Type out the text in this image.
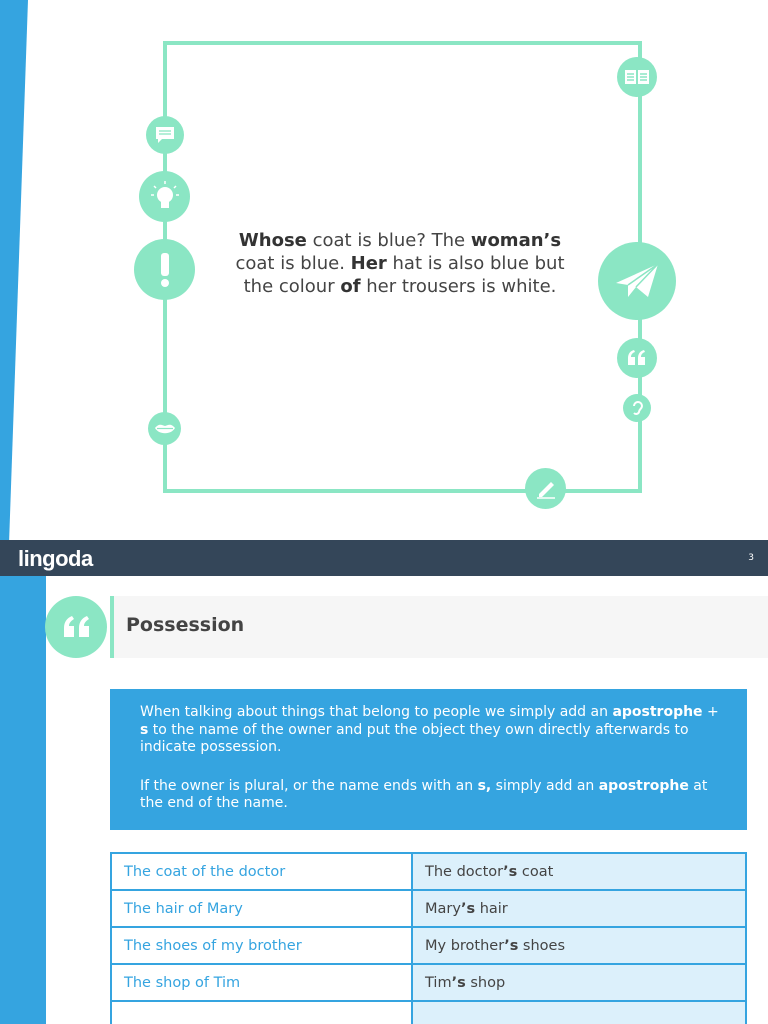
Whose coat is blue? The woman’s coat is blue. Her hat is also blue but the colour of her trousers is white.
lingoda	3
Possession

When talking about things that belong to people we simply add an apostrophe + s to the name of the owner and put the object they own directly afterwards to indicate possession.

If the owner is plural, or the name ends with an s, simply add an apostrophe at the end of the name.

The coat of the doctor	The doctor’s coat
The hair of Mary	Mary’s hair
The shoes of my brother	My brother’s shoes
The shop of Tim	Tim’s shop
